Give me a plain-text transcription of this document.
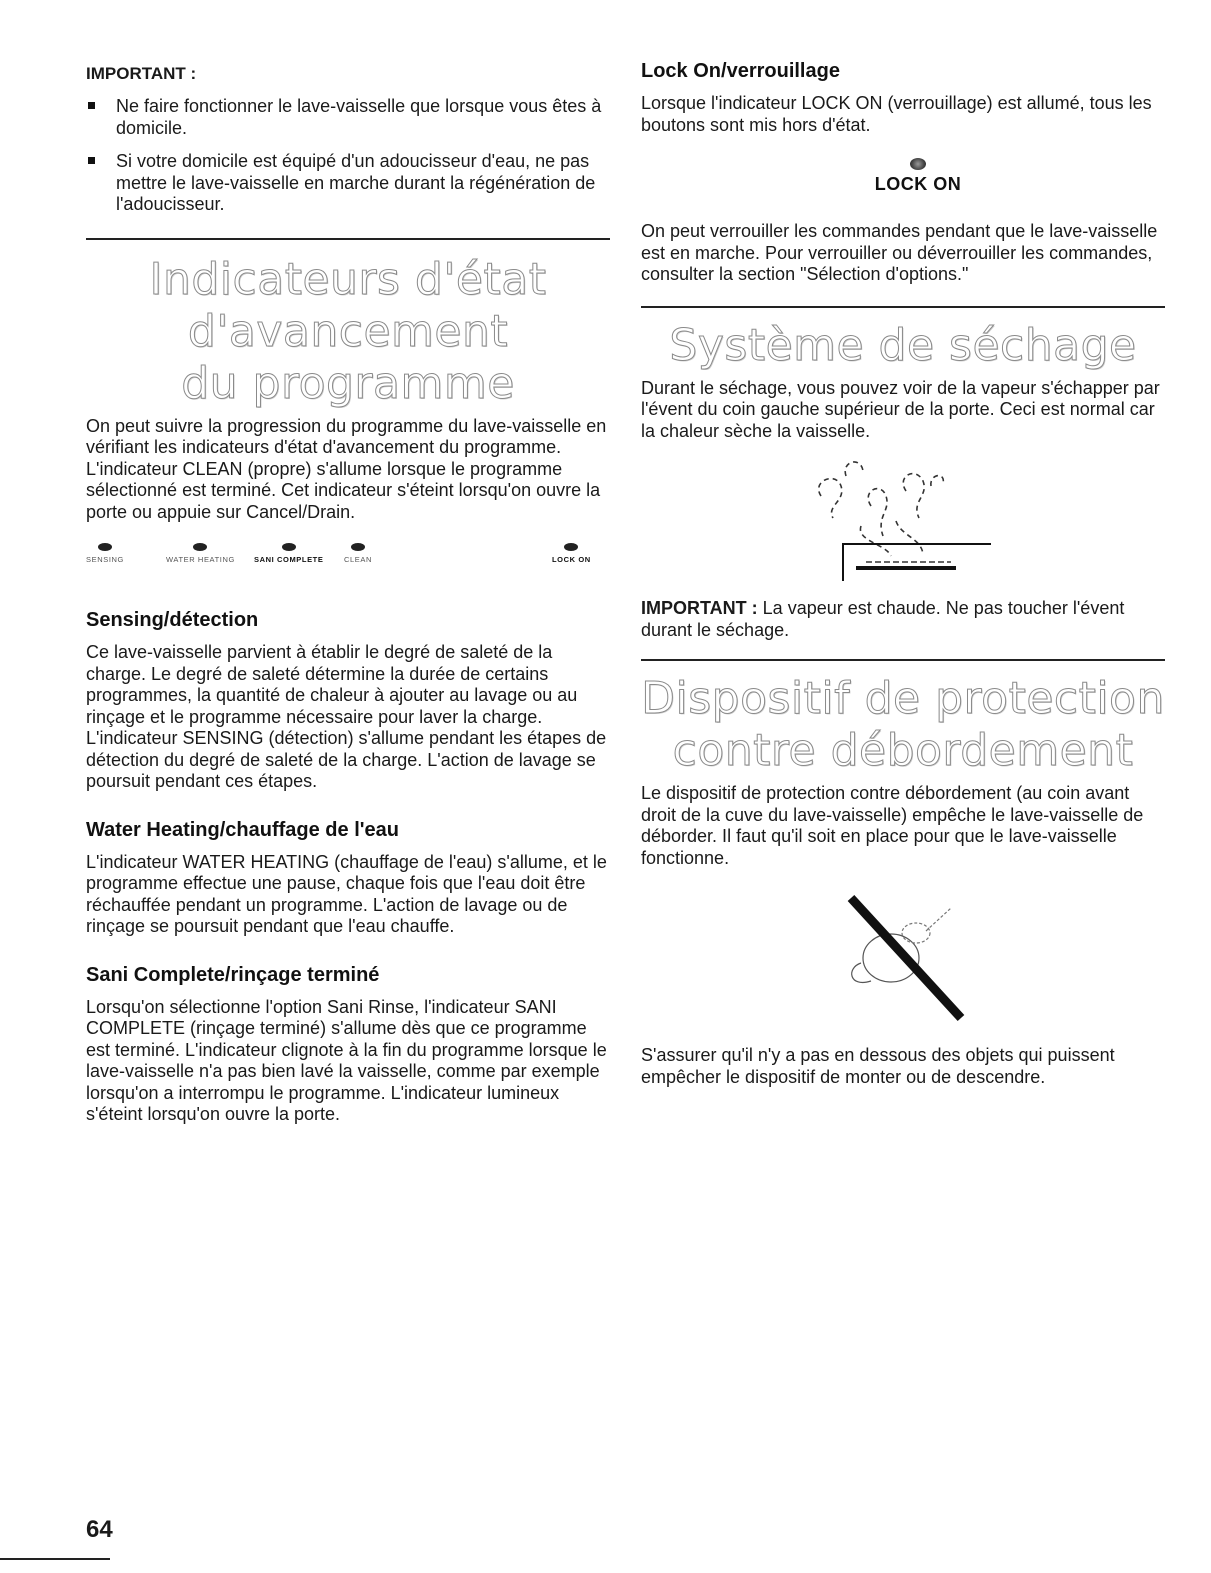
IMPORTANT :
Ne faire fonctionner le lave-vaisselle que lorsque vous êtes à domicile.
Si votre domicile est équipé d'un adoucisseur d'eau, ne pas mettre le lave-vaisselle en marche durant la régénération de l'adoucisseur.
Indicateurs d'état d'avancement
du programme

On peut suivre la progression du programme du lave-vaisselle en vérifiant les indicateurs d'état d'avancement du programme. L'indicateur CLEAN (propre) s'allume lorsque le programme sélectionné est terminé. Cet indicateur s'éteint lorsqu'on ouvre la porte ou appuie sur Cancel/Drain.

SENSING	WATER HEATING	SANI COMPLETE	CLEAN	LOCK ON
Sensing/détection

Ce lave-vaisselle parvient à établir le degré de saleté de la charge. Le degré de saleté détermine la durée de certains programmes, la quantité de chaleur à ajouter au lavage ou au rinçage et le programme nécessaire pour laver la charge. L'indicateur SENSING (détection) s'allume pendant les étapes de détection du degré de saleté de la charge. L'action de lavage se poursuit pendant ces étapes.

Water Heating/chauffage de l'eau

L'indicateur WATER HEATING (chauffage de l'eau) s'allume, et le programme effectue une pause, chaque fois que l'eau doit être réchauffée pendant un programme. L'action de lavage ou de rinçage se poursuit pendant que l'eau chauffe.

Sani Complete/rinçage terminé

Lorsqu'on sélectionne l'option Sani Rinse, l'indicateur SANI COMPLETE (rinçage terminé) s'allume dès que ce programme est terminé. L'indicateur clignote à la fin du programme lorsque le lave-vaisselle n'a pas bien lavé la vaisselle, comme par exemple lorsqu'on a interrompu le programme. L'indicateur lumineux s'éteint lorsqu'on ouvre la porte.

Lock On/verrouillage

Lorsque l'indicateur LOCK ON (verrouillage) est allumé, tous les boutons sont mis hors d'état.

LOCK ON

On peut verrouiller les commandes pendant que le lave-vaisselle est en marche. Pour verrouiller ou déverrouiller les commandes, consulter la section "Sélection d'options."

Système de séchage

Durant le séchage, vous pouvez voir de la vapeur s'échapper par l'évent du coin gauche supérieur de la porte. Ceci est normal car la chaleur sèche la vaisselle.

IMPORTANT : La vapeur est chaude. Ne pas toucher l'évent durant le séchage.

Dispositif de protection
contre débordement

Le dispositif de protection contre débordement (au coin avant droit de la cuve du lave-vaisselle) empêche le lave-vaisselle de déborder. Il faut qu'il soit en place pour que le lave-vaisselle fonctionne.

S'assurer qu'il n'y a pas en dessous des objets qui puissent empêcher le dispositif de monter ou de descendre.

64
